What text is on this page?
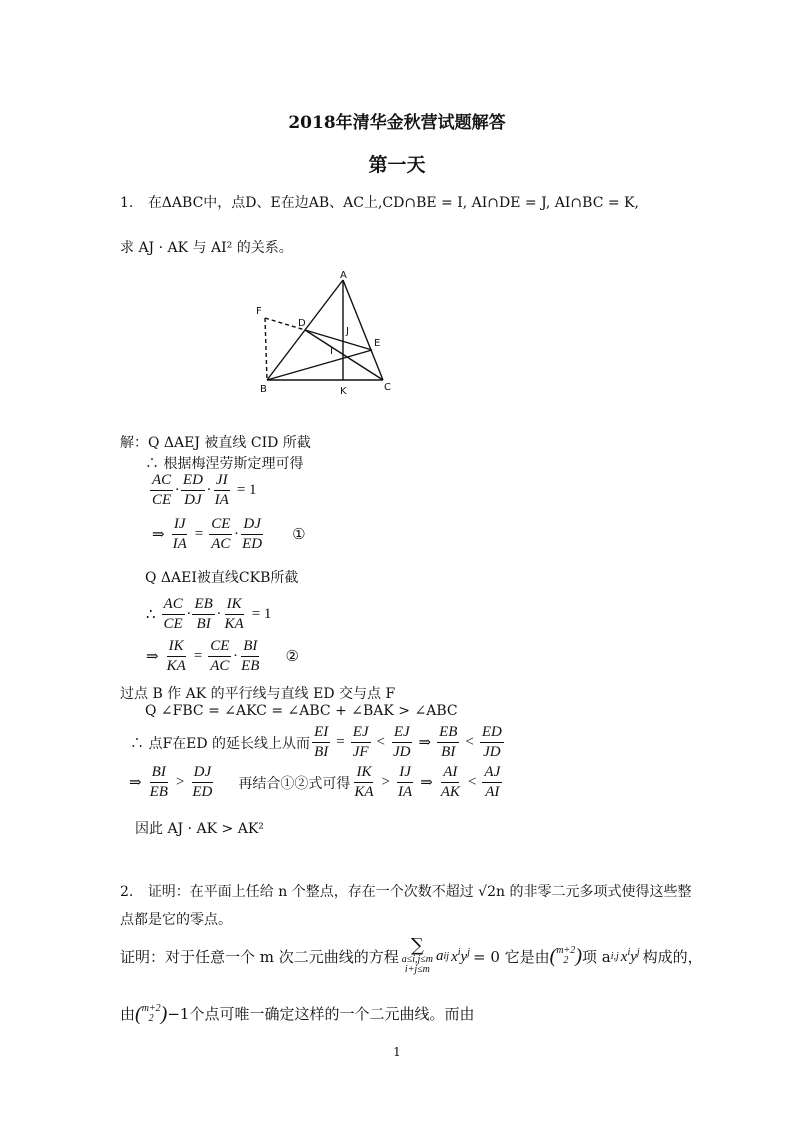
2018年清华金秋营试题解答
第一天
1. 在ΔABC中，点D、E在边AB、AC上,CD∩BE = I, AI∩DE = J, AI∩BC = K,
求 AJ · AK 与 AI² 的关系。
A
F
D
J
E
I
B	K	C
解：Q ΔAEJ 被直线 CID 所截
∴ 根据梅涅劳斯定理可得
$\frac{AC}{CE} \cdot \frac{ED}{DJ} \cdot \frac{JI}{IA} = 1$
⇒ $\frac{IJ}{IA} = \frac{CE}{AC} \cdot \frac{DJ}{ED}$ ①
Q ΔAEI被直线CKB所截
∴ $\frac{AC}{CE} \cdot \frac{EB}{BI} \cdot \frac{IK}{KA} = 1$
⇒ $\frac{IK}{KA} = \frac{CE}{AC} \cdot \frac{BI}{EB}$ ②
过点 B 作 AK 的平行线与直线 ED 交与点 F
Q ∠FBC = ∠AKC = ∠ABC + ∠BAK > ∠ABC
∴ 点F在ED 的延长线上从而 $\frac{EI}{BI} = \frac{EJ}{JF} < \frac{EJ}{JD}$ ⇒ $\frac{EB}{BI} < \frac{ED}{JD}$
⇒ $\frac{BI}{EB} > \frac{DJ}{ED}$ 再结合①②式可得 $\frac{IK}{KA} > \frac{IJ}{IA}$ ⇒ $\frac{AI}{AK} < \frac{AJ}{AI}$
因此 AJ · AK > AK²
2. 证明：在平面上任给 n 个整点，存在一个次数不超过 √2n 的非零二元多项式使得这些整
点都是它的零点。
证明：对于任意一个 m 次二元曲线的方程
∑
a≤i,j≤m
i+j≤m
a ij $x^iy^j = 0$ 它是由 ( m+2
2 ) 项 a i,j $x^iy^j$ 构成的，
由 ( m+2
2 ) −1个点可唯一确定这样的一个二元曲线。而由
1
